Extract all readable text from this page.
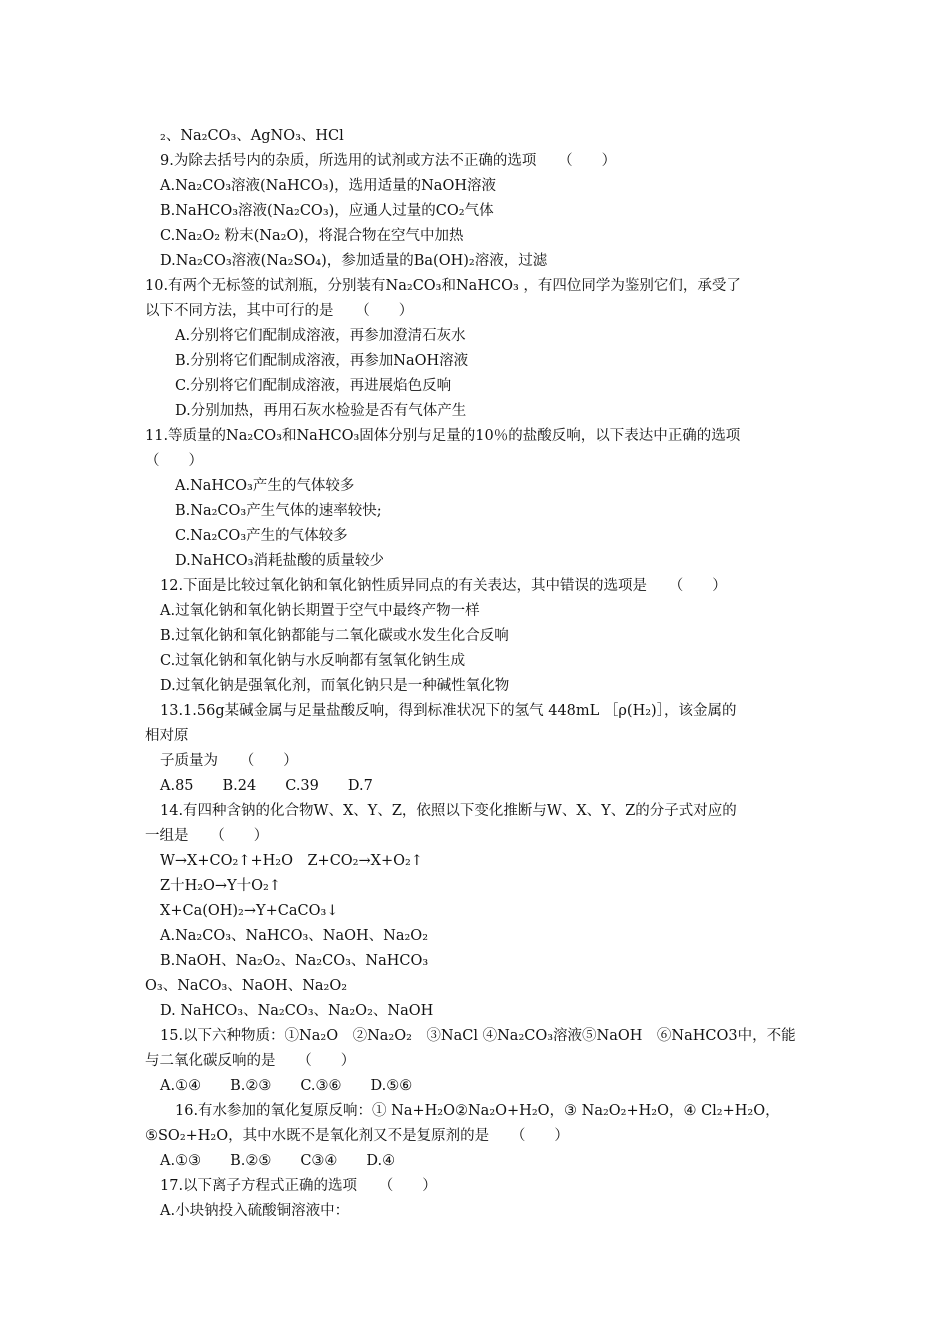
₂、Na₂CO₃、AgNO₃、HCl
9.为除去括号内的杂质，所选用的试剂或方法不正确的选项　　（　　）
A.Na₂CO₃溶液(NaHCO₃)，选用适量的NaOH溶液
B.NaHCO₃溶液(Na₂CO₃)，应通人过量的CO₂气体
C.Na₂O₂ 粉末(Na₂O)，将混合物在空气中加热
D.Na₂CO₃溶液(Na₂SO₄)，参加适量的Ba(OH)₂溶液，过滤
10.有两个无标签的试剂瓶，分别装有Na₂CO₃和NaHCO₃ ，有四位同学为鉴别它们，承受了
以下不同方法，其中可行的是　　（　　）
A.分别将它们配制成溶液，再参加澄清石灰水
B.分别将它们配制成溶液，再参加NaOH溶液
C.分别将它们配制成溶液，再进展焰色反响
D.分别加热，再用石灰水检验是否有气体产生
11.等质量的Na₂CO₃和NaHCO₃固体分别与足量的10％的盐酸反响，以下表达中正确的选项
（　　）
A.NaHCO₃产生的气体较多
B.Na₂CO₃产生气体的速率较快;
C.Na₂CO₃产生的气体较多
D.NaHCO₃消耗盐酸的质量较少
12.下面是比较过氧化钠和氧化钠性质异同点的有关表达，其中错误的选项是　　（　　）
A.过氧化钠和氧化钠长期置于空气中最终产物一样
B.过氧化钠和氧化钠都能与二氧化碳或水发生化合反响
C.过氧化钠和氧化钠与水反响都有氢氧化钠生成
D.过氧化钠是强氧化剂，而氧化钠只是一种碱性氧化物
13.1.56g某碱金属与足量盐酸反响，得到标准状况下的氢气 448mL ［ρ(H₂)］，该金属的
相对原
子质量为　　（　　）
A.85　　B.24　　C.39　　D.7
14.有四种含钠的化合物W、X、Y、Z，依照以下变化推断与W、X、Y、Z的分子式对应的
一组是　　（　　）
W→X+CO₂↑+H₂O　Z+CO₂→X+O₂↑
Z十H₂O→Y十O₂↑
X+Ca(OH)₂→Y+CaCO₃↓
A.Na₂CO₃、NaHCO₃、NaOH、Na₂O₂
B.NaOH、Na₂O₂、Na₂CO₃、NaHCO₃
O₃、NaCO₃、NaOH、Na₂O₂
D. NaHCO₃、Na₂CO₃、Na₂O₂、NaOH
15.以下六种物质：①Na₂O　②Na₂O₂　③NaCl ④Na₂CO₃溶液⑤NaOH　⑥NaHCO3中，不能
与二氧化碳反响的是　　（　　）
A.①④　　B.②③　　C.③⑥　　D.⑤⑥
16.有水参加的氧化复原反响：① Na+H₂O②Na₂O+H₂O，③ Na₂O₂+H₂O，④ Cl₂+H₂O，
⑤SO₂+H₂O，其中水既不是氧化剂又不是复原剂的是　　（　　）
A.①③　　B.②⑤　　C③④　　D.④
17.以下离子方程式正确的选项　　（　　）
A.小块钠投入硫酸铜溶液中：
